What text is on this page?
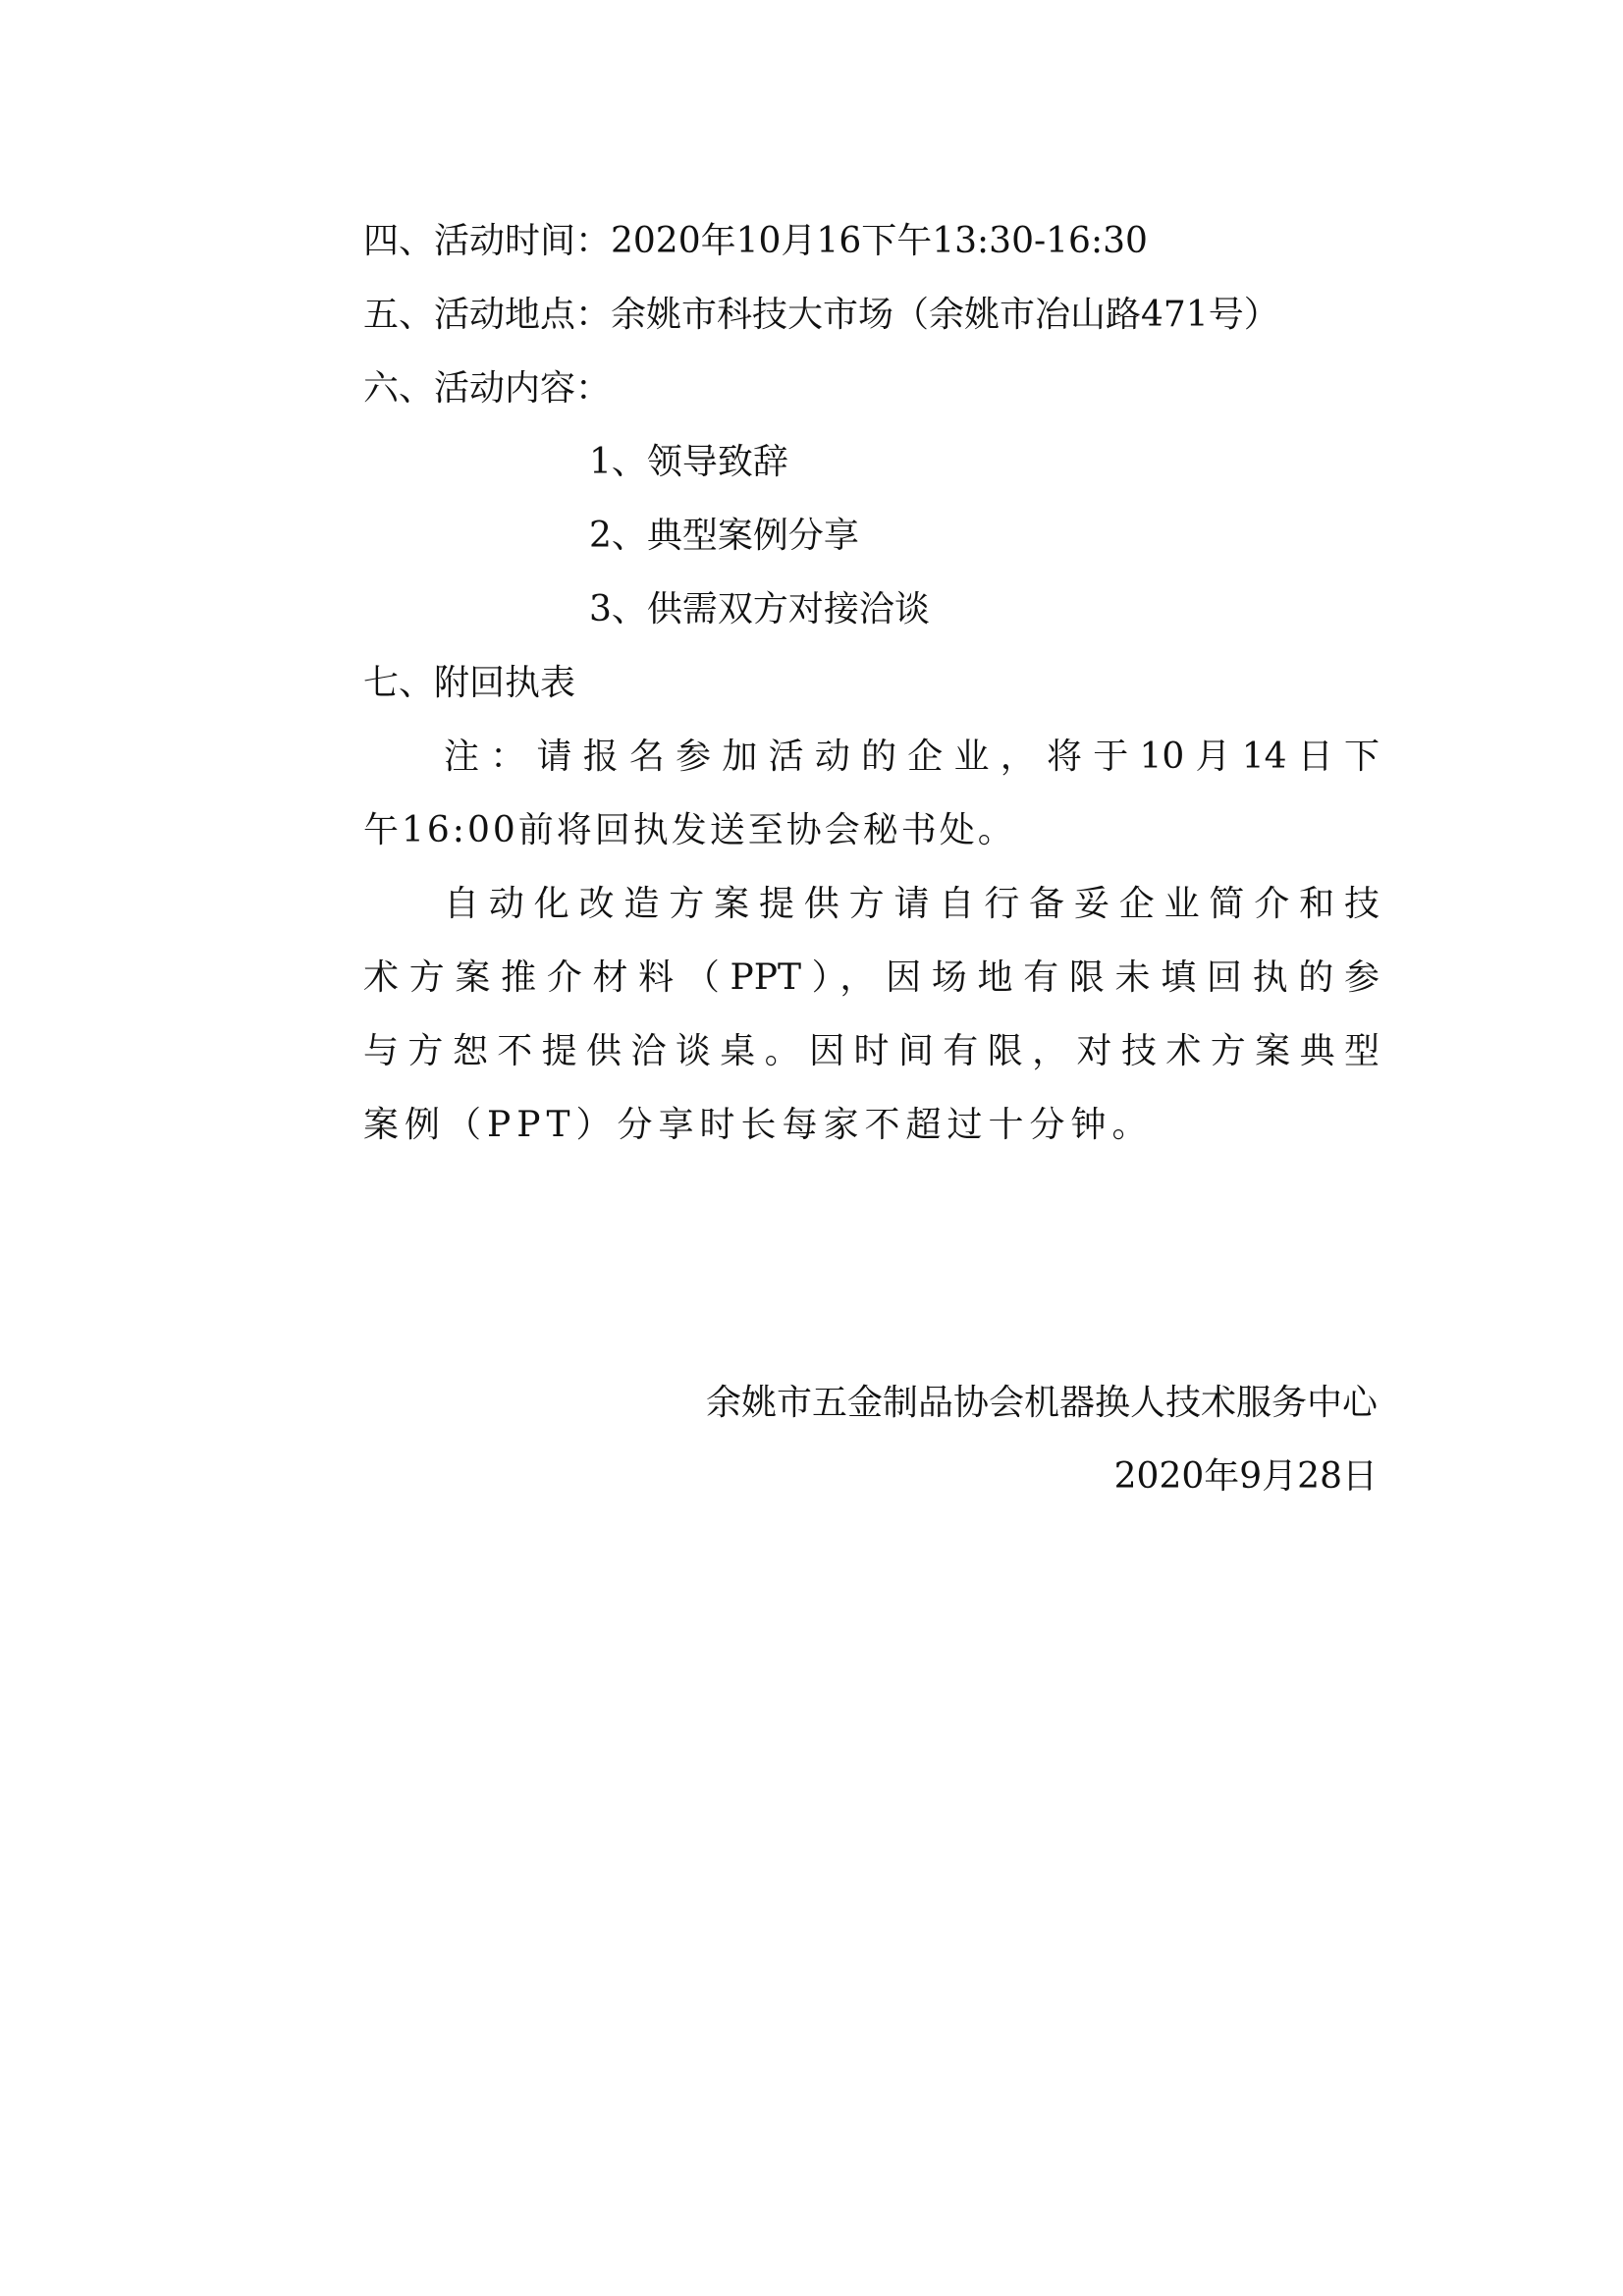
四、活动时间：2020年10月16下午13:30-16:30
五、活动地点：余姚市科技大市场（余姚市冶山路471号）
六、活动内容：
1、领导致辞
2、典型案例分享
3、供需双方对接洽谈
七、附回执表
注：请报名参加活动的企业，将于10月14日下
午16:00前将回执发送至协会秘书处。
自动化改造方案提供方请自行备妥企业简介和技
术方案推介材料（PPT），因场地有限未填回执的参
与方恕不提供洽谈桌。因时间有限，对技术方案典型
案例（PPT）分享时长每家不超过十分钟。
余姚市五金制品协会机器换人技术服务中心
2020年9月28日
